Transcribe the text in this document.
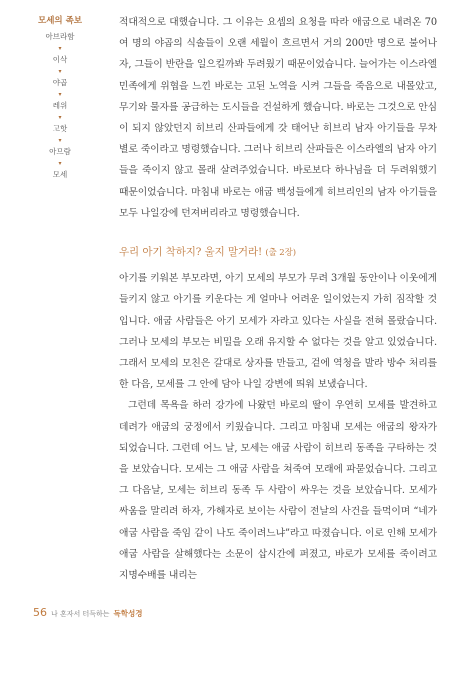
모세의 족보
아브라함
▾
이삭
▾
야곱
▾
레위
▾
고핫
▾
아므람
▾
모세

적대적으로 대했습니다. 그 이유는 요셉의 요청을 따라 애굽으로 내려온 70여 명의 야곱의 식솔들이 오랜 세월이 흐르면서 거의 200만 명으로 불어나자, 그들이 반란을 일으킬까봐 두려웠기 때문이었습니다. 늘어가는 이스라엘 민족에게 위협을 느낀 바로는 고된 노역을 시켜 그들을 죽음으로 내몰았고, 무기와 물자를 공급하는 도시들을 건설하게 했습니다. 바로는 그것으로 안심이 되지 않았던지 히브리 산파들에게 갓 태어난 히브리 남자 아기들을 무차별로 죽이라고 명령했습니다. 그러나 히브리 산파들은 이스라엘의 남자 아기들을 죽이지 않고 몰래 살려주었습니다. 바로보다 하나님을 더 두려워했기 때문이었습니다. 마침내 바로는 애굽 백성들에게 히브리인의 남자 아기들을 모두 나일강에 던져버리라고 명령했습니다.

우리 아기 착하지? 울지 말거라! (출 2장)

아기를 키워본 부모라면, 아기 모세의 부모가 무려 3개월 동안이나 이웃에게 들키지 않고 아기를 키운다는 게 얼마나 어려운 일이었는지 가히 짐작할 것입니다. 애굽 사람들은 아기 모세가 자라고 있다는 사실을 전혀 몰랐습니다. 그러나 모세의 부모는 비밀을 오래 유지할 수 없다는 것을 알고 있었습니다. 그래서 모세의 모친은 갈대로 상자를 만들고, 겉에 역청을 발라 방수 처리를 한 다음, 모세를 그 안에 담아 나일 강변에 띄워 보냈습니다.

그런데 목욕을 하러 강가에 나왔던 바로의 딸이 우연히 모세를 발견하고 데려가 애굽의 궁정에서 키웠습니다. 그리고 마침내 모세는 애굽의 왕자가 되었습니다. 그런데 어느 날, 모세는 애굽 사람이 히브리 동족을 구타하는 것을 보았습니다. 모세는 그 애굽 사람을 쳐죽여 모래에 파묻었습니다. 그리고 그 다음날, 모세는 히브리 동족 두 사람이 싸우는 것을 보았습니다. 모세가 싸움을 말리려 하자, 가해자로 보이는 사람이 전날의 사건을 들먹이며 “네가 애굽 사람을 죽임 같이 나도 죽이려느냐”라고 따졌습니다. 이로 인해 모세가 애굽 사람을 살해했다는 소문이 삽시간에 퍼졌고, 바로가 모세를 죽이려고 지명수배를 내리는

56 나 혼자서 터득하는 독학성경
